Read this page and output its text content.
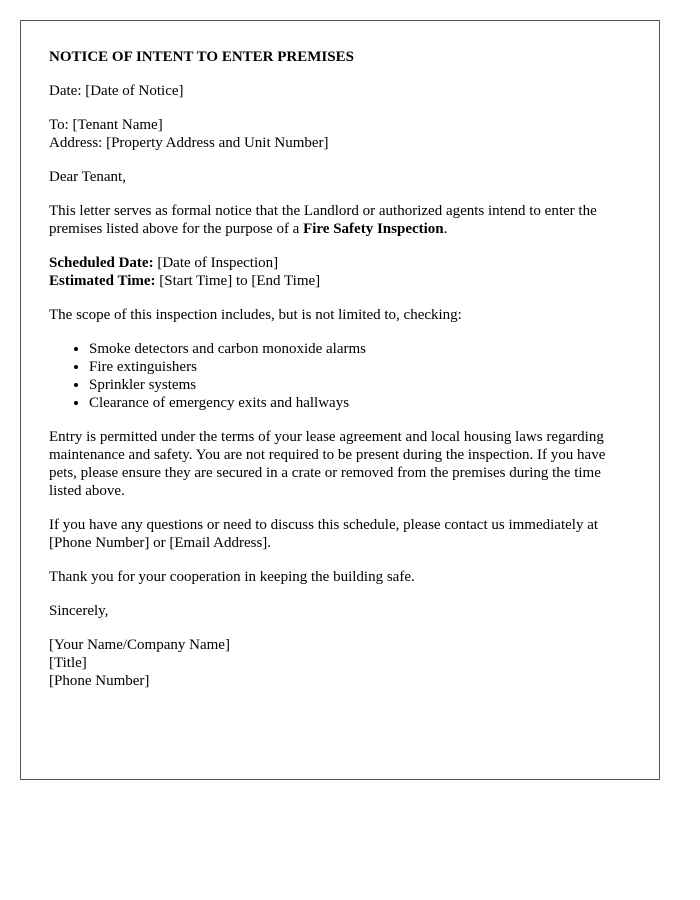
NOTICE OF INTENT TO ENTER PREMISES

Date: [Date of Notice]

To: [Tenant Name]
Address: [Property Address and Unit Number]

Dear Tenant,

This letter serves as formal notice that the Landlord or authorized agents intend to enter the premises listed above for the purpose of a Fire Safety Inspection.

Scheduled Date: [Date of Inspection]
Estimated Time: [Start Time] to [End Time]

The scope of this inspection includes, but is not limited to, checking:

• Smoke detectors and carbon monoxide alarms
• Fire extinguishers
• Sprinkler systems
• Clearance of emergency exits and hallways

Entry is permitted under the terms of your lease agreement and local housing laws regarding maintenance and safety. You are not required to be present during the inspection. If you have pets, please ensure they are secured in a crate or removed from the premises during the time listed above.

If you have any questions or need to discuss this schedule, please contact us immediately at [Phone Number] or [Email Address].

Thank you for your cooperation in keeping the building safe.

Sincerely,

[Your Name/Company Name]
[Title]
[Phone Number]
